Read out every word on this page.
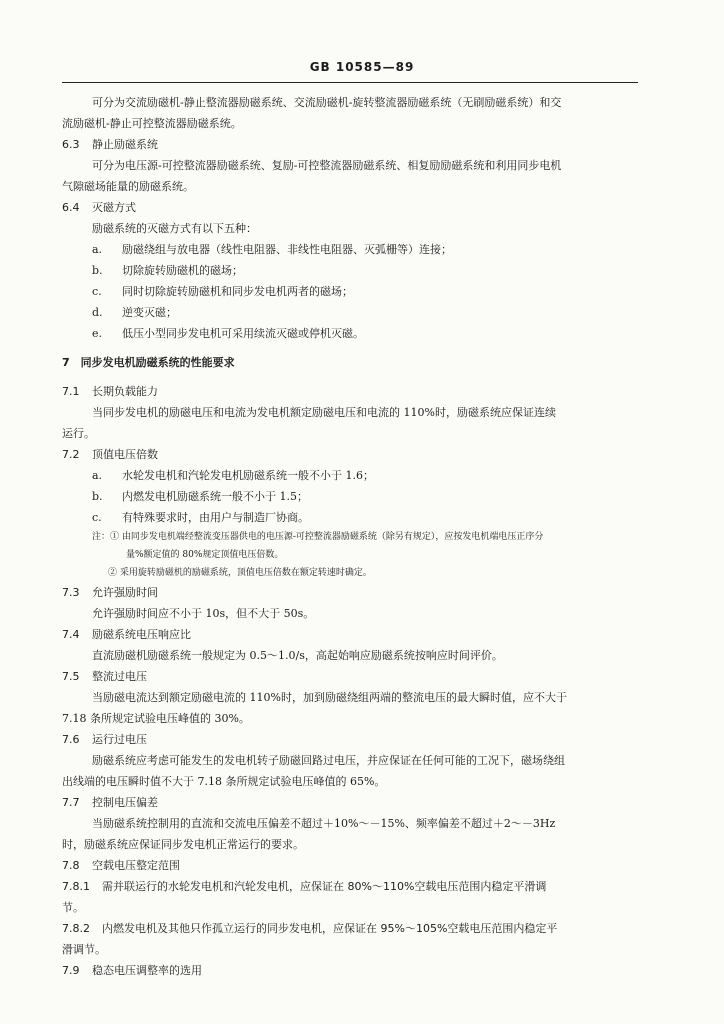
GB 10585—89
可分为交流励磁机-静止整流器励磁系统、交流励磁机-旋转整流器励磁系统（无刷励磁系统）和交
流励磁机-静止可控整流器励磁系统。
6.3 静止励磁系统
可分为电压源-可控整流器励磁系统、复励-可控整流器励磁系统、相复励励磁系统和利用同步电机
气隙磁场能量的励磁系统。
6.4 灭磁方式
励磁系统的灭磁方式有以下五种：
a. 励磁绕组与放电器（线性电阻器、非线性电阻器、灭弧栅等）连接；
b. 切除旋转励磁机的磁场；
c. 同时切除旋转励磁机和同步发电机两者的磁场；
d. 逆变灭磁；
e. 低压小型同步发电机可采用续流灭磁或停机灭磁。
7　同步发电机励磁系统的性能要求
7.1 长期负载能力
当同步发电机的励磁电压和电流为发电机额定励磁电压和电流的 110%时，励磁系统应保证连续
运行。
7.2 顶值电压倍数
a. 水轮发电机和汽轮发电机励磁系统一般不小于 1.6；
b. 内燃发电机励磁系统一般不小于 1.5；
c. 有特殊要求时，由用户与制造厂协商。
注：① 由同步发电机端经整流变压器供电的电压源-可控整流器励磁系统（除另有规定），应按发电机端电压正序分
量%额定值的 80%规定顶值电压倍数。
② 采用旋转励磁机的励磁系统，顶值电压倍数在额定转速时确定。
7.3 允许强励时间
允许强励时间应不小于 10s，但不大于 50s。
7.4 励磁系统电压响应比
直流励磁机励磁系统一般规定为 0.5～1.0/s，高起始响应励磁系统按响应时间评价。
7.5 整流过电压
当励磁电流达到额定励磁电流的 110%时，加到励磁绕组两端的整流电压的最大瞬时值，应不大于
7.18 条所规定试验电压峰值的 30%。
7.6 运行过电压
励磁系统应考虑可能发生的发电机转子励磁回路过电压，并应保证在任何可能的工况下，磁场绕组
出线端的电压瞬时值不大于 7.18 条所规定试验电压峰值的 65%。
7.7 控制电压偏差
当励磁系统控制用的直流和交流电压偏差不超过＋10%～－15%、频率偏差不超过＋2～－3Hz
时，励磁系统应保证同步发电机正常运行的要求。
7.8 空载电压整定范围
7.8.1 需并联运行的水轮发电机和汽轮发电机，应保证在 80%～110%空载电压范围内稳定平滑调
节。
7.8.2 内燃发电机及其他只作孤立运行的同步发电机，应保证在 95%～105%空载电压范围内稳定平
滑调节。
7.9 稳态电压调整率的选用
